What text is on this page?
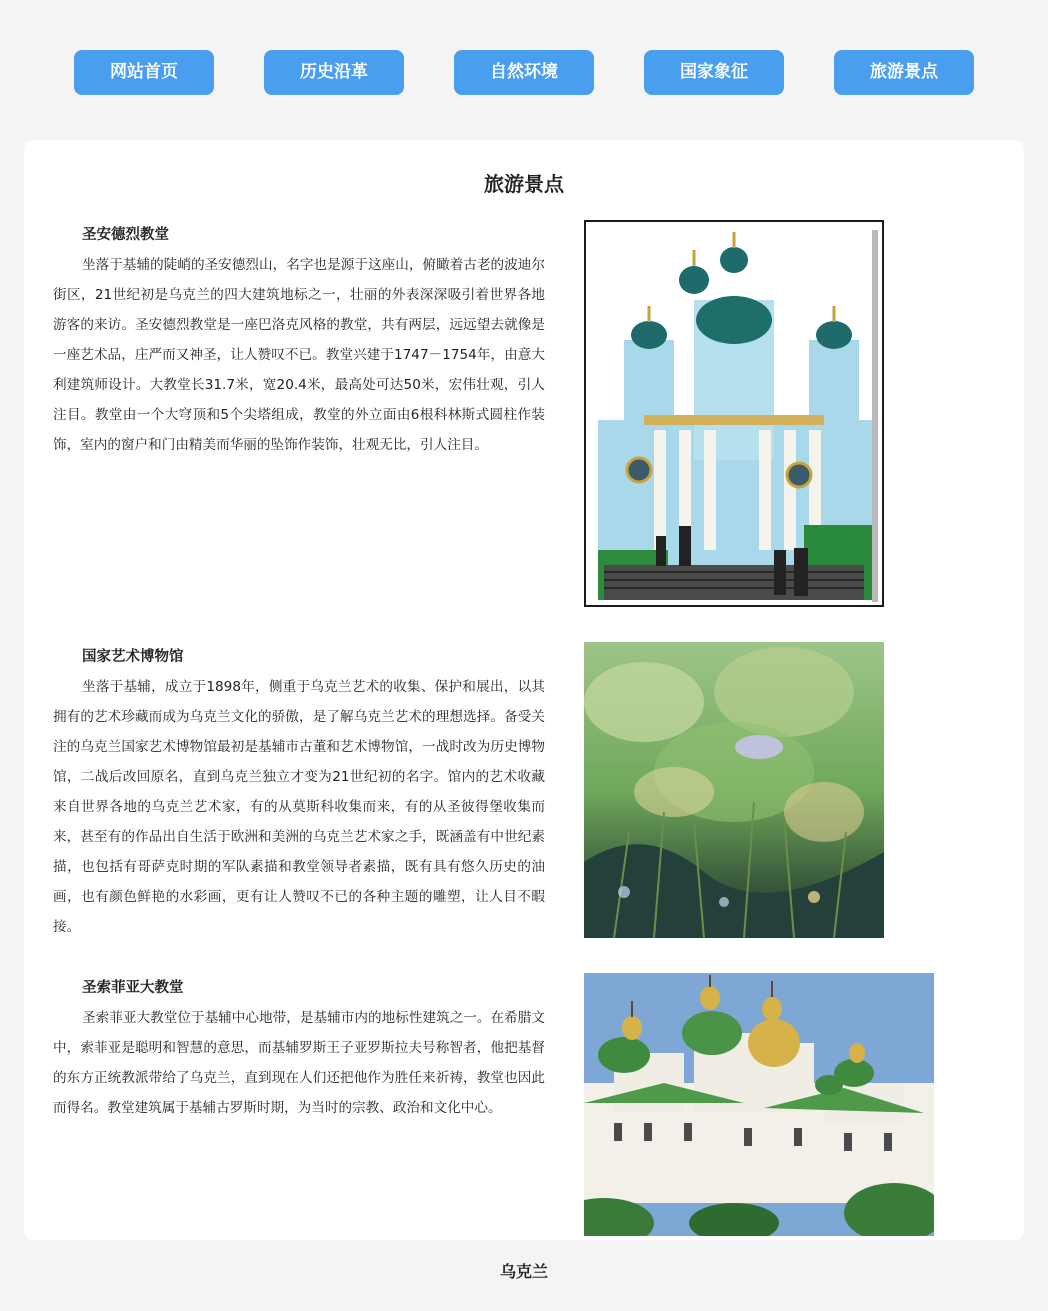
网站首页	历史沿革	自然环境	国家象征	旅游景点
旅游景点
圣安德烈教堂

坐落于基辅的陡峭的圣安德烈山，名字也是源于这座山，俯瞰着古老的波迪尔街区，21世纪初是乌克兰的四大建筑地标之一，壮丽的外表深深吸引着世界各地游客的来访。圣安德烈教堂是一座巴洛克风格的教堂，共有两层，远远望去就像是一座艺术品，庄严而又神圣，让人赞叹不已。教堂兴建于1747－1754年，由意大利建筑师设计。大教堂长31.7米，宽20.4米，最高处可达50米，宏伟壮观，引人注目。教堂由一个大穹顶和5个尖塔组成，教堂的外立面由6根科林斯式圆柱作装饰，室内的窗户和门由精美而华丽的坠饰作装饰，壮观无比，引人注目。

国家艺术博物馆

坐落于基辅，成立于1898年，侧重于乌克兰艺术的收集、保护和展出，以其拥有的艺术珍藏而成为乌克兰文化的骄傲，是了解乌克兰艺术的理想选择。备受关注的乌克兰国家艺术博物馆最初是基辅市古董和艺术博物馆，一战时改为历史博物馆，二战后改回原名，直到乌克兰独立才变为21世纪初的名字。馆内的艺术收藏来自世界各地的乌克兰艺术家，有的从莫斯科收集而来，有的从圣彼得堡收集而来，甚至有的作品出自生活于欧洲和美洲的乌克兰艺术家之手，既涵盖有中世纪素描，也包括有哥萨克时期的军队素描和教堂领导者素描，既有具有悠久历史的油画，也有颜色鲜艳的水彩画，更有让人赞叹不已的各种主题的雕塑，让人目不暇接。

圣索菲亚大教堂

圣索菲亚大教堂位于基辅中心地带，是基辅市内的地标性建筑之一。在希腊文中，索菲亚是聪明和智慧的意思，而基辅罗斯王子亚罗斯拉夫号称智者，他把基督的东方正统教派带给了乌克兰，直到现在人们还把他作为胜任来祈祷，教堂也因此而得名。教堂建筑属于基辅古罗斯时期，为当时的宗教、政治和文化中心。

乌克兰
